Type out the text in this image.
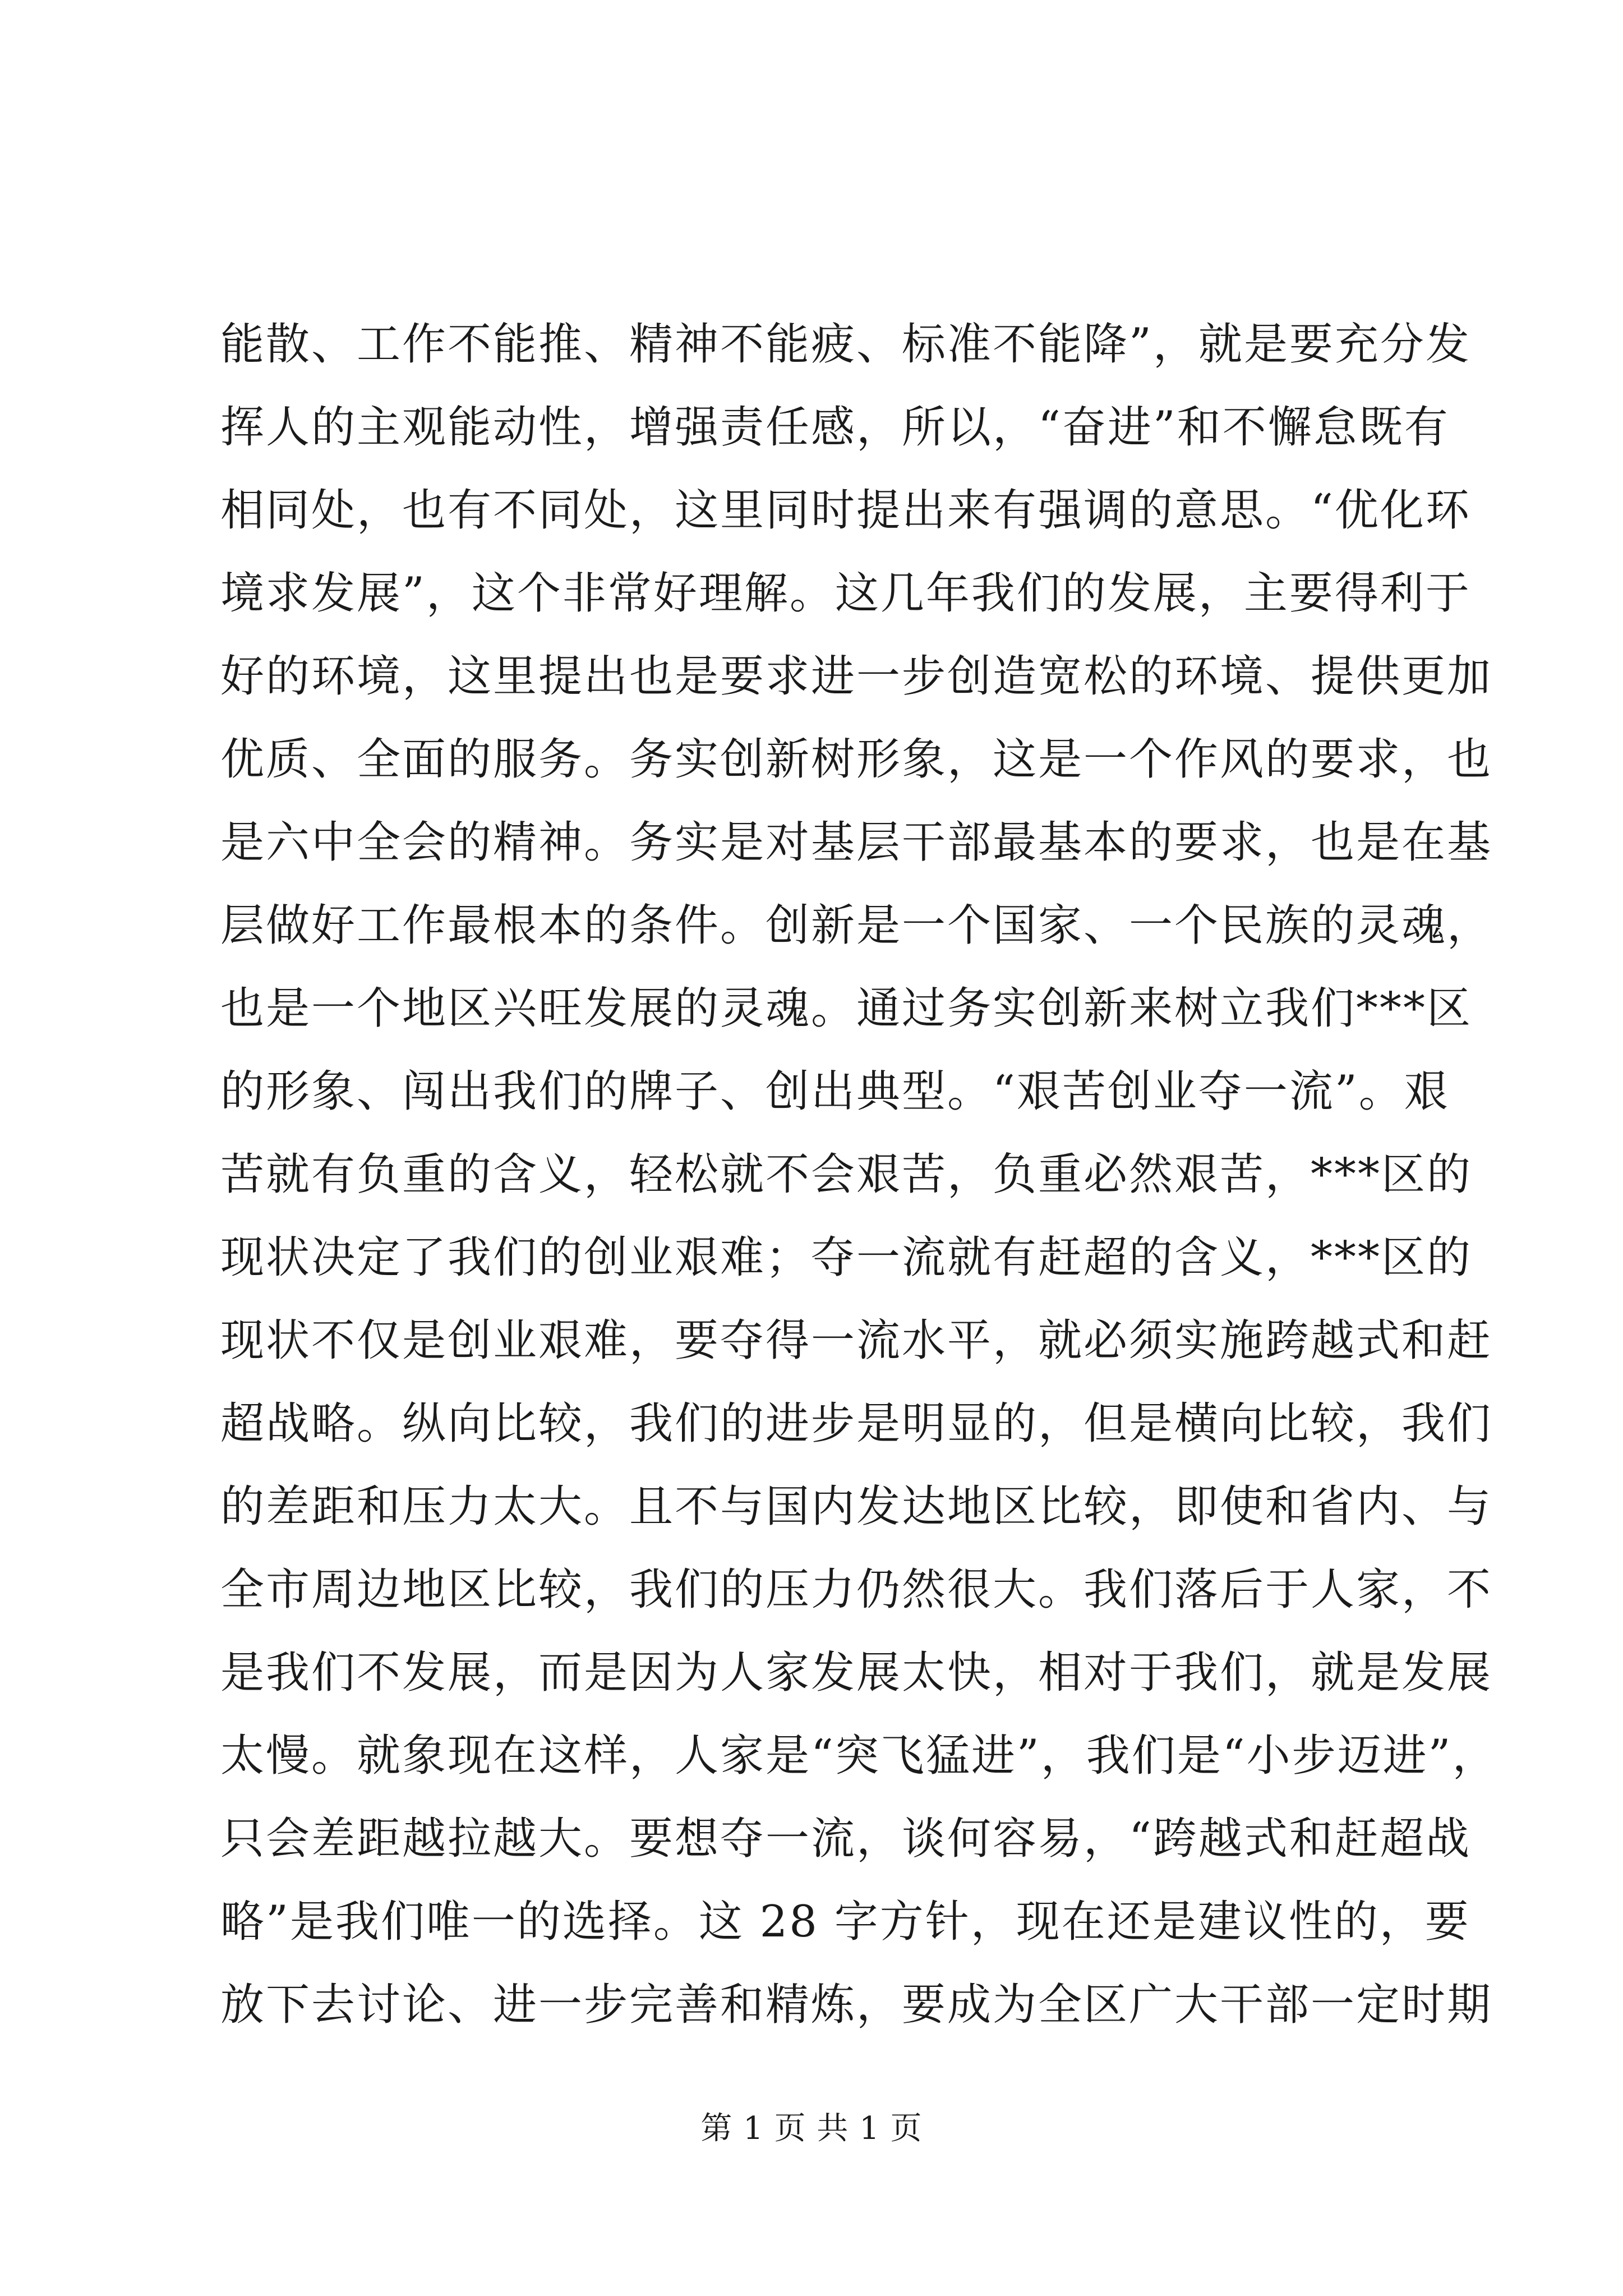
能散、工作不能推、精神不能疲、标准不能降”，就是要充分发
挥人的主观能动性，增强责任感，所以，“奋进”和不懈怠既有
相同处，也有不同处，这里同时提出来有强调的意思。“优化环
境求发展”，这个非常好理解。这几年我们的发展，主要得利于
好的环境，这里提出也是要求进一步创造宽松的环境、提供更加
优质、全面的服务。务实创新树形象，这是一个作风的要求，也
是六中全会的精神。务实是对基层干部最基本的要求，也是在基
层做好工作最根本的条件。创新是一个国家、一个民族的灵魂，
也是一个地区兴旺发展的灵魂。通过务实创新来树立我们***区
的形象、闯出我们的牌子、创出典型。“艰苦创业夺一流”。艰
苦就有负重的含义，轻松就不会艰苦，负重必然艰苦，***区的
现状决定了我们的创业艰难；夺一流就有赶超的含义，***区的
现状不仅是创业艰难，要夺得一流水平，就必须实施跨越式和赶
超战略。纵向比较，我们的进步是明显的，但是横向比较，我们
的差距和压力太大。且不与国内发达地区比较，即使和省内、与
全市周边地区比较，我们的压力仍然很大。我们落后于人家，不
是我们不发展，而是因为人家发展太快，相对于我们，就是发展
太慢。就象现在这样，人家是“突飞猛进”，我们是“小步迈进”，
只会差距越拉越大。要想夺一流，谈何容易，“跨越式和赶超战
略”是我们唯一的选择。这 28 字方针，现在还是建议性的，要
放下去讨论、进一步完善和精炼，要成为全区广大干部一定时期
第 1 页 共 1 页
